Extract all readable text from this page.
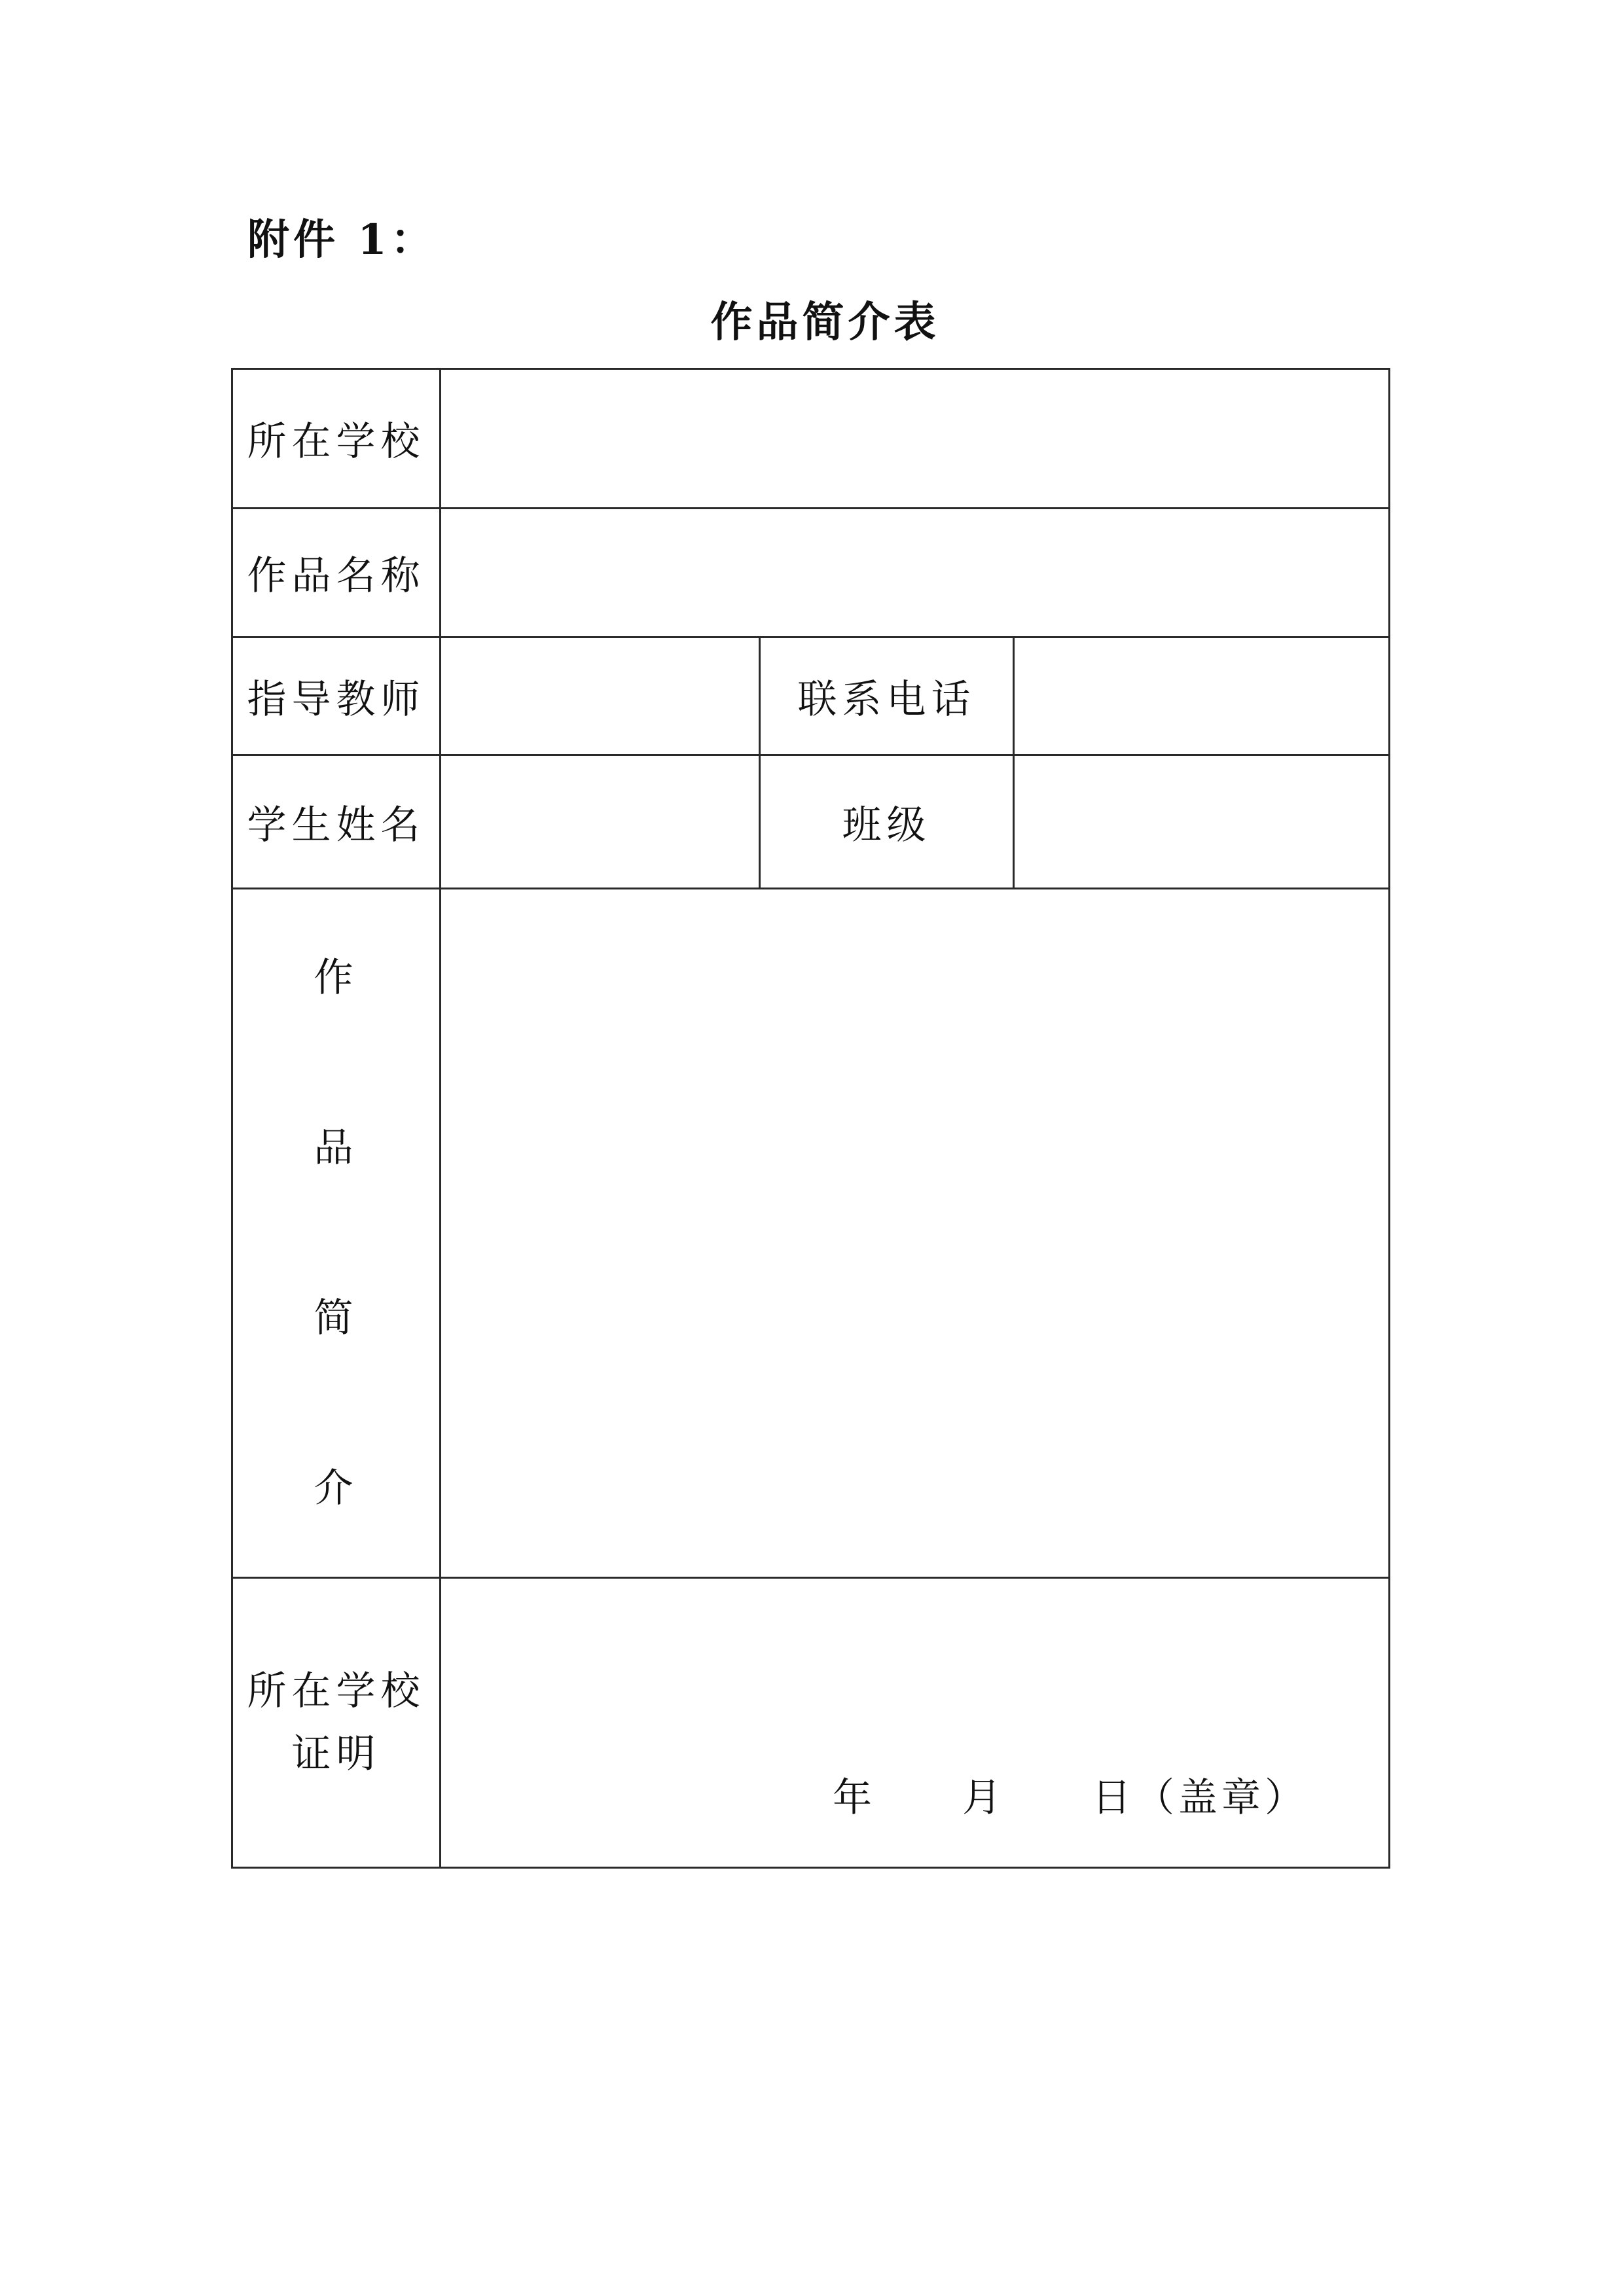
附件 1：
作品简介表
所在学校			
作品名称			
指导教师		联系电话	
学生姓名		班级	

作
品
简
介			

所在学校
证明	年 月 日（盖章）		
